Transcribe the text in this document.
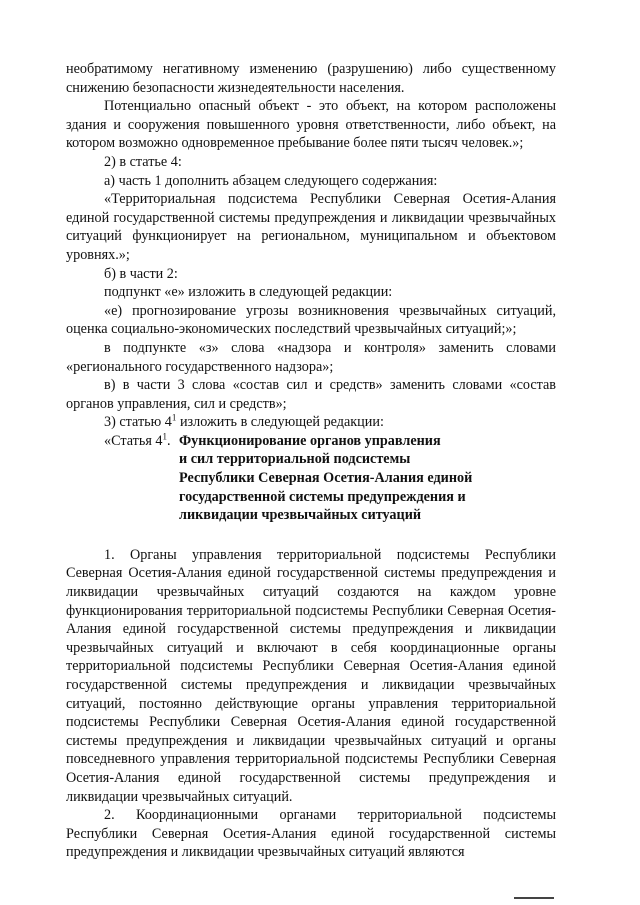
необратимому негативному изменению (разрушению) либо существенному снижению безопасности жизнедеятельности населения.

Потенциально опасный объект - это объект, на котором расположены здания и сооружения повышенного уровня ответственности, либо объект, на котором возможно одновременное пребывание более пяти тысяч человек.»;

2) в статье 4:

а) часть 1 дополнить абзацем следующего содержания:

«Территориальная подсистема Республики Северная Осетия-Алания единой государственной системы предупреждения и ликвидации чрезвычайных ситуаций функционирует на региональном, муниципальном и объектовом уровнях.»;

б) в части 2:

подпункт «е» изложить в следующей редакции:

«е) прогнозирование угрозы возникновения чрезвычайных ситуаций, оценка социально-экономических последствий чрезвычайных ситуаций;»;

в подпункте «з» слова «надзора и контроля» заменить словами «регионального государственного надзора»;

в) в части 3 слова «состав сил и средств» заменить словами «состав органов управления, сил и средств»;

3) статью $4^1$ изложить в следующей редакции:

«Статья $4^1$. Функционирование органов управления
и сил территориальной подсистемы
Республики Северная Осетия-Алания единой
государственной системы предупреждения и
ликвидации чрезвычайных ситуаций

1. Органы управления территориальной подсистемы Республики Северная Осетия-Алания единой государственной системы предупреждения и ликвидации чрезвычайных ситуаций создаются на каждом уровне функционирования территориальной подсистемы Республики Северная Осетия-Алания единой государственной системы предупреждения и ликвидации чрезвычайных ситуаций и включают в себя координационные органы территориальной подсистемы Республики Северная Осетия-Алания единой государственной системы предупреждения и ликвидации чрезвычайных ситуаций, постоянно действующие органы управления территориальной подсистемы Республики Северная Осетия-Алания единой государственной системы предупреждения и ликвидации чрезвычайных ситуаций и органы повседневного управления территориальной подсистемы Республики Северная Осетия-Алания единой государственной системы предупреждения и ликвидации чрезвычайных ситуаций.

2. Координационными органами территориальной подсистемы Республики Северная Осетия-Алания единой государственной системы предупреждения и ликвидации чрезвычайных ситуаций являются
